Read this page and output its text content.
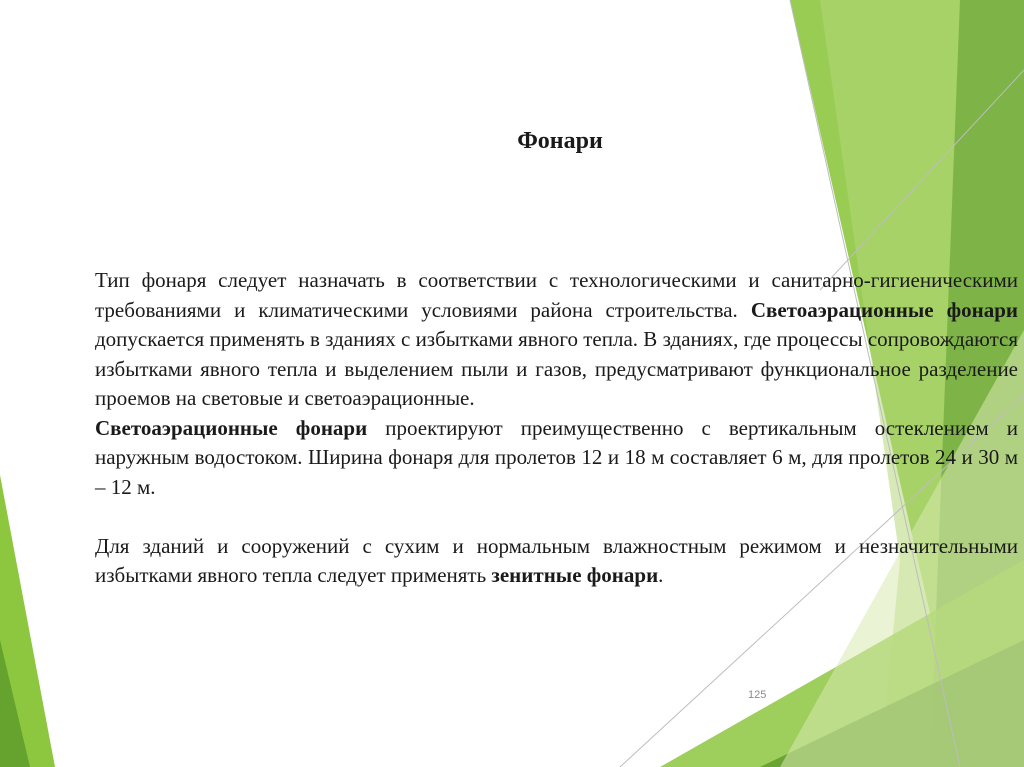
Фонари

Тип фонаря следует назначать в соответствии с технологическими и санитарно-гигиеническими требованиями и климатическими условиями района строительства. Светоаэрационные фонари допускается применять в зданиях с избытками явного тепла. В зданиях, где процессы сопровождаются избытками явного тепла и выделением пыли и газов, предусматривают функциональное разделение проемов на световые и светоаэрационные.

Светоаэрационные фонари проектируют преимущественно с вертикальным остеклением и наружным водостоком. Ширина фонаря для пролетов 12 и 18 м составляет 6 м, для пролетов 24 и 30 м – 12 м.

Для зданий и сооружений с сухим и нормальным влажностным режимом и незначительными избытками явного тепла следует применять зенитные фонари.

125
